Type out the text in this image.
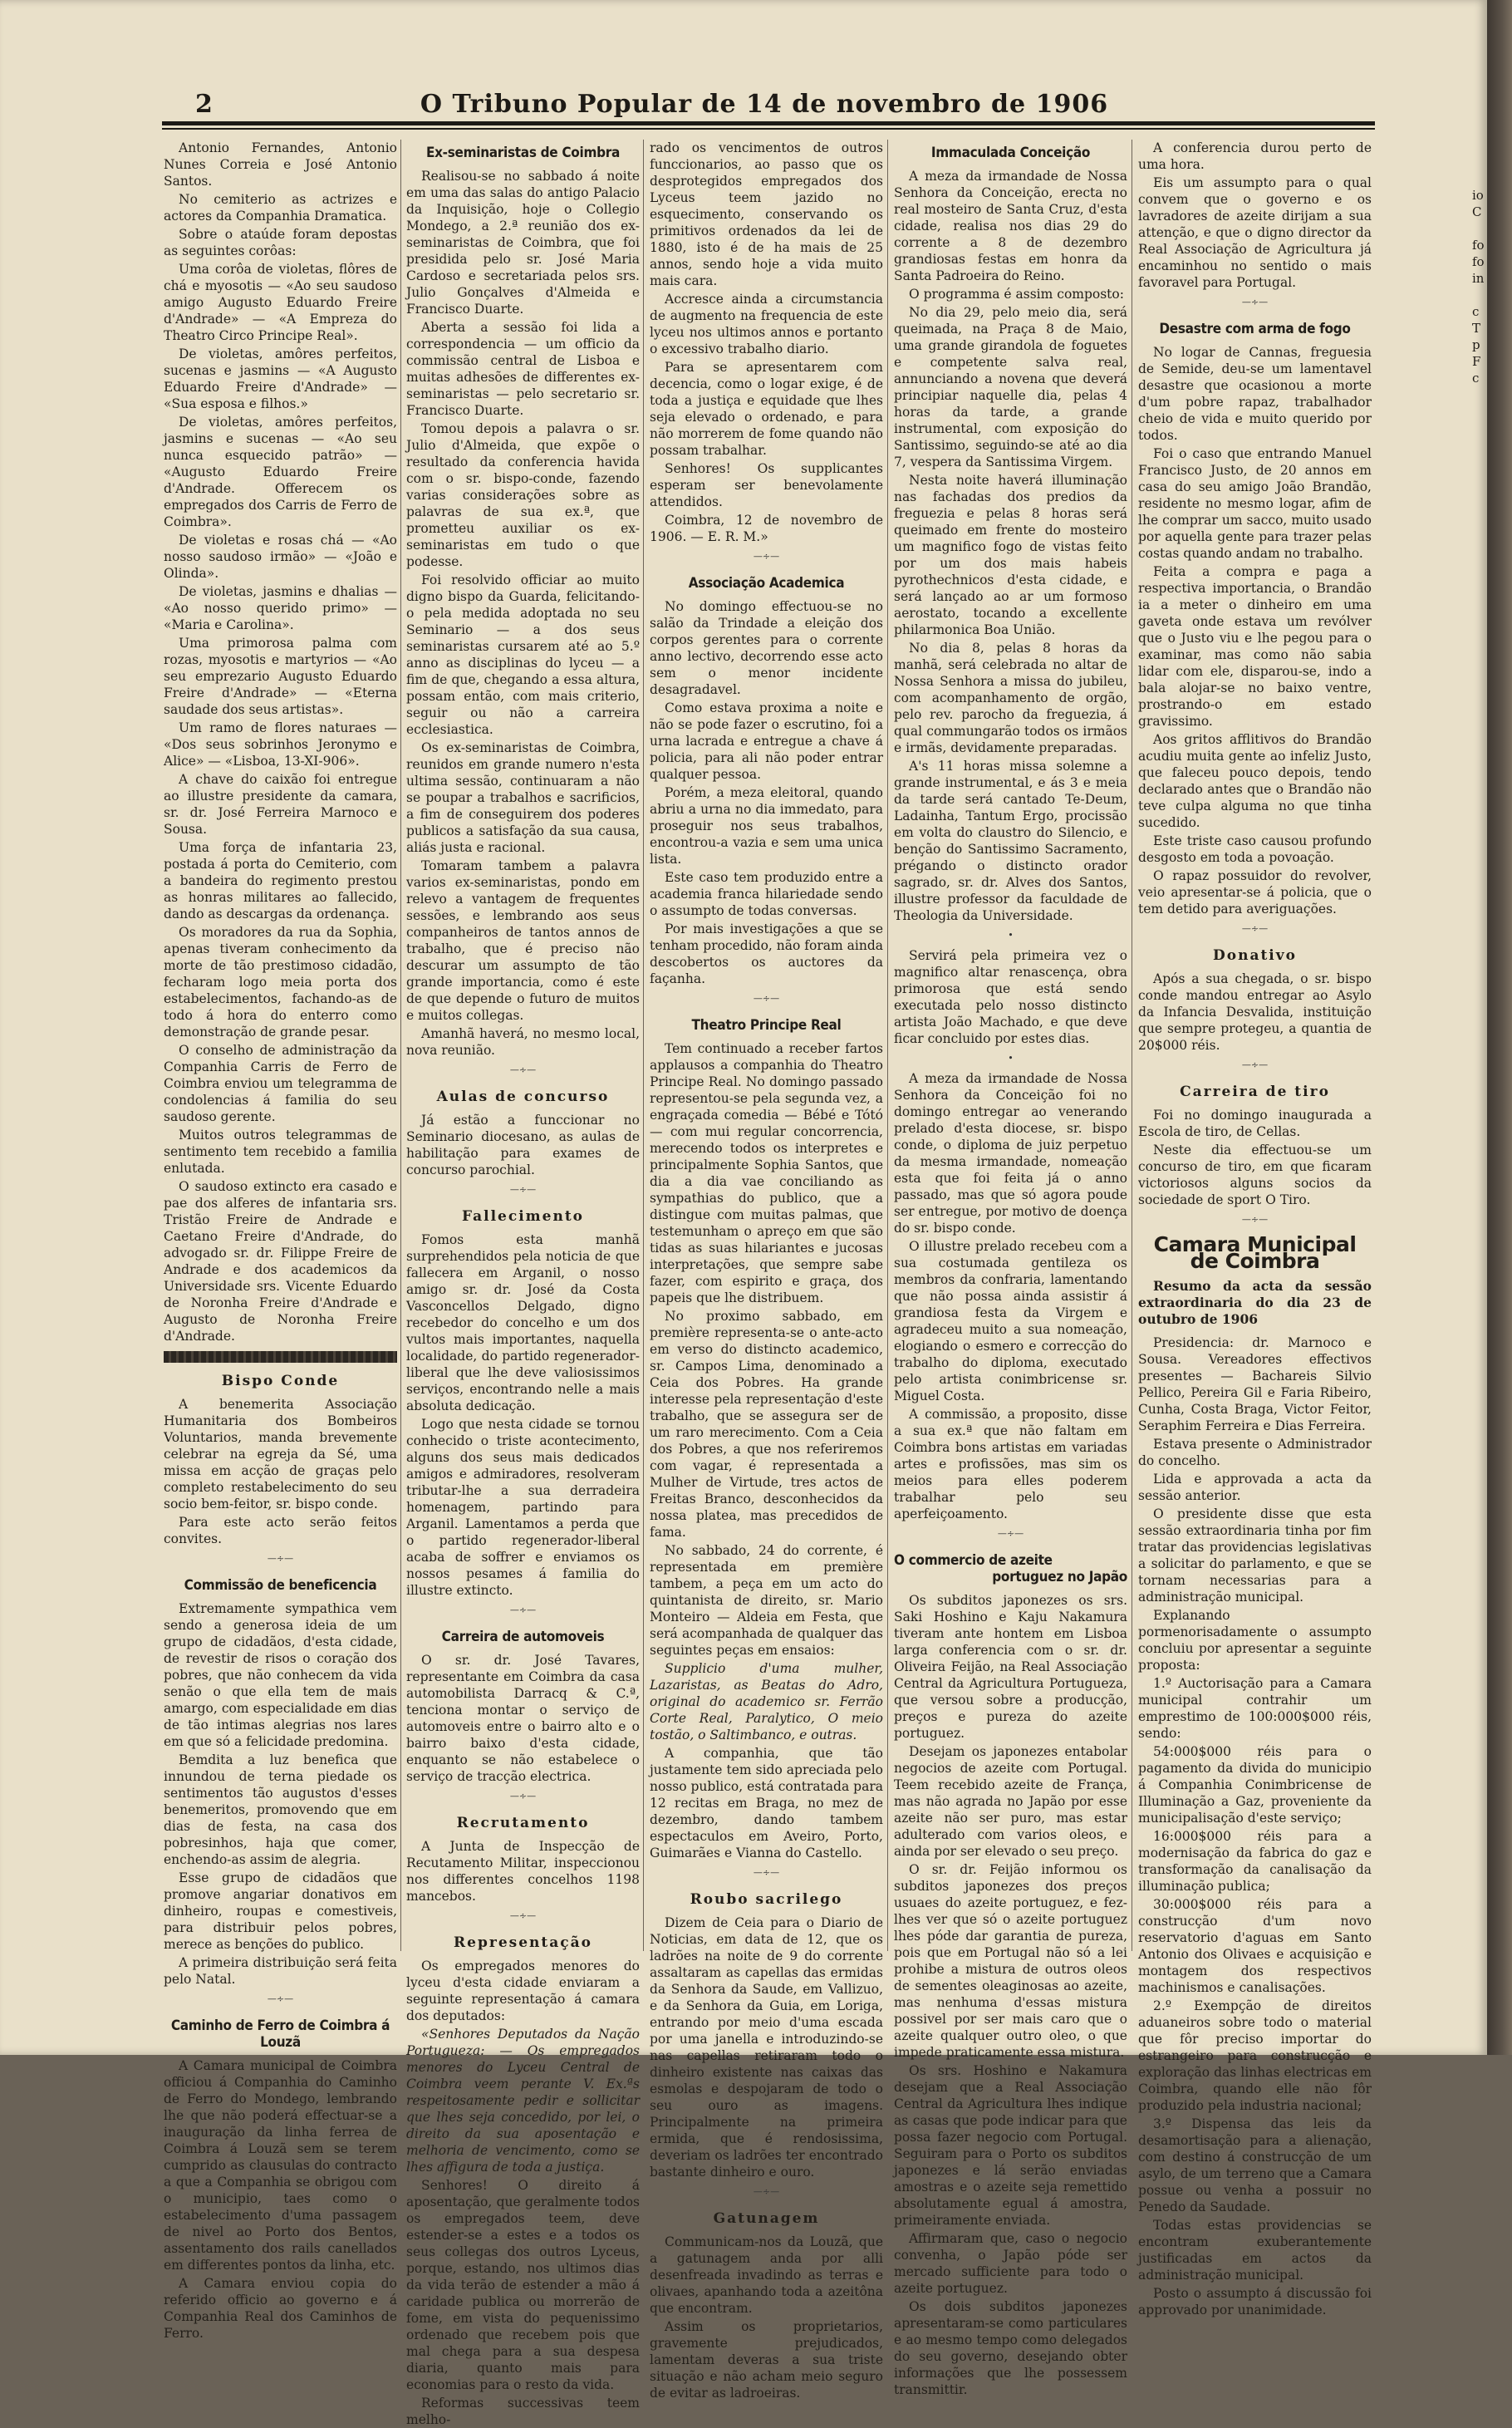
2	O Tribuno Popular de 14 de novembro de 1906

Antonio Fernandes, Antonio Nunes Correia e José Antonio Santos.

No cemiterio as actrizes e actores da Companhia Dramatica.

Sobre o ataúde foram depostas as seguintes corôas:

Uma corôa de violetas, flôres de chá e myosotis — «Ao seu saudoso amigo Augusto Eduardo Freire d'Andrade» — «A Empreza do Theatro Circo Principe Real».

De violetas, amôres perfeitos, sucenas e jasmins — «A Augusto Eduardo Freire d'Andrade» — «Sua esposa e filhos.»

De violetas, amôres perfeitos, jasmins e sucenas — «Ao seu nunca esquecido patrão» — «Augusto Eduardo Freire d'Andrade. Offerecem os empregados dos Carris de Ferro de Coimbra».

De violetas e rosas chá — «Ao nosso saudoso irmão» — «João e Olinda».

De violetas, jasmins e dhalias — «Ao nosso querido primo» — «Maria e Carolina».

Uma primorosa palma com rozas, myosotis e martyrios — «Ao seu emprezario Augusto Eduardo Freire d'Andrade» — «Eterna saudade dos seus artistas».

Um ramo de flores naturaes — «Dos seus sobrinhos Jeronymo e Alice» — «Lisboa, 13-XI-906».

A chave do caixão foi entregue ao illustre presidente da camara, sr. dr. José Ferreira Marnoco e Sousa.

Uma força de infantaria 23, postada á porta do Cemiterio, com a bandeira do regimento prestou as honras militares ao fallecido, dando as descargas da ordenança.

Os moradores da rua da Sophia, apenas tiveram conhecimento da morte de tão prestimoso cidadão, fecharam logo meia porta dos estabelecimentos, fachando-as de todo á hora do enterro como demonstração de grande pesar.

O conselho de administração da Companhia Carris de Ferro de Coimbra enviou um telegramma de condolencias á familia do seu saudoso gerente.

Muitos outros telegrammas de sentimento tem recebido a familia enlutada.

O saudoso extincto era casado e pae dos alferes de infantaria srs. Tristão Freire de Andrade e Caetano Freire d'Andrade, do advogado sr. dr. Filippe Freire de Andrade e dos academicos da Universidade srs. Vicente Eduardo de Noronha Freire d'Andrade e Augusto de Noronha Freire d'Andrade.

Bispo Conde

A benemerita Associação Humanitaria dos Bombeiros Voluntarios, manda brevemente celebrar na egreja da Sé, uma missa em acção de graças pelo completo restabelecimento do seu socio bem-feitor, sr. bispo conde.

Para este acto serão feitos convites.

—∻—
Commissão de beneficencia

Extremamente sympathica vem sendo a generosa ideia de um grupo de cidadãos, d'esta cidade, de revestir de risos o coração dos pobres, que não conhecem da vida senão o que ella tem de mais amargo, com especialidade em dias de tão intimas alegrias nos lares em que só a felicidade predomina.

Bemdita a luz benefica que innundou de terna piedade os sentimentos tão augustos d'esses benemeritos, promovendo que em dias de festa, na casa dos pobresinhos, haja que comer, enchendo-as assim de alegria.

Esse grupo de cidadãos que promove angariar donativos em dinheiro, roupas e comestiveis, para distribuir pelos pobres, merece as benções do publico.

A primeira distribuição será feita pelo Natal.

—∻—
Caminho de Ferro de Coimbra á Louzã

A Camara municipal de Coimbra officiou á Companhia do Caminho de Ferro do Mondego, lembrando lhe que não poderá effectuar-se a inauguração da linha ferrea de Coimbra á Louzã sem se terem cumprido as clausulas do contracto a que a Companhia se obrigou com o municipio, taes como o estabelecimento d'uma passagem de nivel ao Porto dos Bentos, assentamento dos rails canellados em differentes pontos da linha, etc.

A Camara enviou copia do referido officio ao governo e á Companhia Real dos Caminhos de Ferro.

Ex-seminaristas de Coimbra

Realisou-se no sabbado á noite em uma das salas do antigo Palacio da Inquisição, hoje o Collegio Mondego, a 2.ª reunião dos ex-seminaristas de Coimbra, que foi presidida pelo sr. José Maria Cardoso e secretariada pelos srs. Julio Gonçalves d'Almeida e Francisco Duarte.

Aberta a sessão foi lida a correspondencia — um officio da commissão central de Lisboa e muitas adhesões de differentes ex-seminaristas — pelo secretario sr. Francisco Duarte.

Tomou depois a palavra o sr. Julio d'Almeida, que expõe o resultado da conferencia havida com o sr. bispo-conde, fazendo varias considerações sobre as palavras de sua ex.ª, que prometteu auxiliar os ex-seminaristas em tudo o que podesse.

Foi resolvido officiar ao muito digno bispo da Guarda, felicitando-o pela medida adoptada no seu Seminario — a dos seus seminaristas cursarem até ao 5.º anno as disciplinas do lyceu — a fim de que, chegando a essa altura, possam então, com mais criterio, seguir ou não a carreira ecclesiastica.

Os ex-seminaristas de Coimbra, reunidos em grande numero n'esta ultima sessão, continuaram a não se poupar a trabalhos e sacrificios, a fim de conseguirem dos poderes publicos a satisfação da sua causa, aliás justa e racional.

Tomaram tambem a palavra varios ex-seminaristas, pondo em relevo a vantagem de frequentes sessões, e lembrando aos seus companheiros de tantos annos de trabalho, que é preciso não descurar um assumpto de tão grande importancia, como é este de que depende o futuro de muitos e muitos collegas.

Amanhã haverá, no mesmo local, nova reunião.

—∻—
Aulas de concurso

Já estão a funccionar no Seminario diocesano, as aulas de habilitação para exames de concurso parochial.

—∻—
Fallecimento

Fomos esta manhã surprehendidos pela noticia de que fallecera em Arganil, o nosso amigo sr. dr. José da Costa Vasconcellos Delgado, digno recebedor do concelho e um dos vultos mais importantes, naquella localidade, do partido regenerador-liberal que lhe deve valiosissimos serviços, encontrando nelle a mais absoluta dedicação.

Logo que nesta cidade se tornou conhecido o triste acontecimento, alguns dos seus mais dedicados amigos e admiradores, resolveram tributar-lhe a sua derradeira homenagem, partindo para Arganil. Lamentamos a perda que o partido regenerador-liberal acaba de soffrer e enviamos os nossos pesames á familia do illustre extincto.

—∻—
Carreira de automoveis

O sr. dr. José Tavares, representante em Coimbra da casa automobilista Darracq & C.ª, tenciona montar o serviço de automoveis entre o bairro alto e o bairro baixo d'esta cidade, enquanto se não estabelece o serviço de tracção electrica.

—∻—
Recrutamento

A Junta de Inspecção de Recutamento Militar, inspeccionou nos differentes concelhos 1198 mancebos.

—∻—
Representação

Os empregados menores do lyceu d'esta cidade enviaram a seguinte representação á camara dos deputados:

«Senhores Deputados da Nação Portugueza: — Os empregados menores do Lyceu Central de Coimbra veem perante V. Ex.ªs respeitosamente pedir e sollicitar que lhes seja concedido, por lei, o direito da sua aposentação e melhoria de vencimento, como se lhes affigura de toda a justiça.

Senhores! O direito á aposentação, que geralmente todos os empregados teem, deve estender-se a estes e a todos os seus collegas dos outros Lyceus, porque, estando, nos ultimos dias da vida terão de estender a mão á caridade publica ou morrerão de fome, em vista do pequenissimo ordenado que recebem pois que mal chega para a sua despesa diaria, quanto mais para economias para o resto da vida.

Reformas successivas teem melho-

rado os vencimentos de outros funccionarios, ao passo que os desprotegidos empregados dos Lyceus teem jazido no esquecimento, conservando os primitivos ordenados da lei de 1880, isto é de ha mais de 25 annos, sendo hoje a vida muito mais cara.

Accresce ainda a circumstancia de augmento na frequencia de este lyceu nos ultimos annos e portanto o excessivo trabalho diario.

Para se apresentarem com decencia, como o logar exige, é de toda a justiça e equidade que lhes seja elevado o ordenado, e para não morrerem de fome quando não possam trabalhar.

Senhores! Os supplicantes esperam ser benevolamente attendidos.

Coimbra, 12 de novembro de 1906. — E. R. M.»

—∻—
Associação Academica

No domingo effectuou-se no salão da Trindade a eleição dos corpos gerentes para o corrente anno lectivo, decorrendo esse acto sem o menor incidente desagradavel.

Como estava proxima a noite e não se pode fazer o escrutino, foi a urna lacrada e entregue a chave á policia, para ali não poder entrar qualquer pessoa.

Porém, a meza eleitoral, quando abriu a urna no dia immedato, para proseguir nos seus trabalhos, encontrou-a vazia e sem uma unica lista.

Este caso tem produzido entre a academia franca hilariedade sendo o assumpto de todas conversas.

Por mais investigações a que se tenham procedido, não foram ainda descobertos os auctores da façanha.

—∻—
Theatro Principe Real

Tem continuado a receber fartos applausos a companhia do Theatro Principe Real. No domingo passado representou-se pela segunda vez, a engraçada comedia — Bébé e Tótó — com mui regular concorrencia, merecendo todos os interpretes e principalmente Sophia Santos, que dia a dia vae conciliando as sympathias do publico, que a distingue com muitas palmas, que testemunham o apreço em que são tidas as suas hilariantes e jucosas interpretações, que sempre sabe fazer, com espirito e graça, dos papeis que lhe distribuem.

No proximo sabbado, em première representa-se o ante-acto em verso do distincto academico, sr. Campos Lima, denominado a Ceia dos Pobres. Ha grande interesse pela representação d'este trabalho, que se assegura ser de um raro merecimento. Com a Ceia dos Pobres, a que nos referiremos com vagar, é representada a Mulher de Virtude, tres actos de Freitas Branco, desconhecidos da nossa platea, mas precedidos de fama.

No sabbado, 24 do corrente, é representada em première tambem, a peça em um acto do quintanista de direito, sr. Mario Monteiro — Aldeia em Festa, que será acompanhada de qualquer das seguintes peças em ensaios:

Supplicio d'uma mulher, Lazaristas, as Beatas do Adro, original do academico sr. Ferrão Corte Real, Paralytico, O meio tostão, o Saltimbanco, e outras.

A companhia, que tão justamente tem sido apreciada pelo nosso publico, está contratada para 12 recitas em Braga, no mez de dezembro, dando tambem espectaculos em Aveiro, Porto, Guimarães e Vianna do Castello.

—∻—
Roubo sacrilego

Dizem de Ceia para o Diario de Noticias, em data de 12, que os ladrões na noite de 9 do corrente assaltaram as capellas das ermidas da Senhora da Saude, em Vallizuo, e da Senhora da Guia, em Loriga, entrando por meio d'uma escada por uma janella e introduzindo-se nas capellas retiraram todo o dinheiro existente nas caixas das esmolas e despojaram de todo o seu ouro as imagens. Principalmente na primeira ermida, que é rendosissima, deveriam os ladrões ter encontrado bastante dinheiro e ouro.

—∻—
Gatunagem

Communicam-nos da Louzã, que a gatunagem anda por alli desenfreada invadindo as terras e olivaes, apanhando toda a azeitôna que encontram.

Assim os proprietarios, gravemente prejudicados, lamentam deveras a sua triste situação e não acham meio seguro de evitar as ladroeiras.

Immaculada Conceição

A meza da irmandade de Nossa Senhora da Conceição, erecta no real mosteiro de Santa Cruz, d'esta cidade, realisa nos dias 29 do corrente a 8 de dezembro grandiosas festas em honra da Santa Padroeira do Reino.

O programma é assim composto:

No dia 29, pelo meio dia, será queimada, na Praça 8 de Maio, uma grande girandola de foguetes e competente salva real, annunciando a novena que deverá principiar naquelle dia, pelas 4 horas da tarde, a grande instrumental, com exposição do Santissimo, seguindo-se até ao dia 7, vespera da Santissima Virgem.

Nesta noite haverá illuminação nas fachadas dos predios da freguezia e pelas 8 horas será queimado em frente do mosteiro um magnifico fogo de vistas feito por um dos mais habeis pyrothechnicos d'esta cidade, e será lançado ao ar um formoso aerostato, tocando a excellente philarmonica Boa União.

No dia 8, pelas 8 horas da manhã, será celebrada no altar de Nossa Senhora a missa do jubileu, com acompanhamento de orgão, pelo rev. parocho da freguezia, á qual commungarão todos os irmãos e irmãs, devidamente preparadas.

A's 11 horas missa solemne a grande instrumental, e ás 3 e meia da tarde será cantado Te-Deum, Ladainha, Tantum Ergo, procissão em volta do claustro do Silencio, e benção do Santissimo Sacramento, prégando o distincto orador sagrado, sr. dr. Alves dos Santos, illustre professor da faculdade de Theologia da Universidade.

•

Servirá pela primeira vez o magnifico altar renascença, obra primorosa que está sendo executada pelo nosso distincto artista João Machado, e que deve ficar concluido por estes dias.

•

A meza da irmandade de Nossa Senhora da Conceição foi no domingo entregar ao venerando prelado d'esta diocese, sr. bispo conde, o diploma de juiz perpetuo da mesma irmandade, nomeação esta que foi feita já o anno passado, mas que só agora poude ser entregue, por motivo de doença do sr. bispo conde.

O illustre prelado recebeu com a sua costumada gentileza os membros da confraria, lamentando que não possa ainda assistir á grandiosa festa da Virgem e agradeceu muito a sua nomeação, elogiando o esmero e correcção do trabalho do diploma, executado pelo artista conimbricense sr. Miguel Costa.

A commissão, a proposito, disse a sua ex.ª que não faltam em Coimbra bons artistas em variadas artes e profissões, mas sim os meios para elles poderem trabalhar pelo seu aperfeiçoamento.

—∻—
O commercio de azeite
portuguez no Japão

Os subditos japonezes os srs. Saki Hoshino e Kaju Nakamura tiveram ante hontem em Lisboa larga conferencia com o sr. dr. Oliveira Feijão, na Real Associação Central da Agricultura Portugueza, que versou sobre a producção, preços e pureza do azeite portuguez.

Desejam os japonezes entabolar negocios de azeite com Portugal. Teem recebido azeite de França, mas não agrada no Japão por esse azeite não ser puro, mas estar adulterado com varios oleos, e ainda por ser elevado o seu preço.

O sr. dr. Feijão informou os subditos japonezes dos preços usuaes do azeite portuguez, e fez-lhes ver que só o azeite portuguez lhes póde dar garantia de pureza, pois que em Portugal não só a lei prohibe a mistura de outros oleos de sementes oleaginosas ao azeite, mas nenhuma d'essas mistura possivel por ser mais caro que o azeite qualquer outro oleo, o que impede praticamente essa mistura.

Os srs. Hoshino e Nakamura desejam que a Real Associação Central da Agricultura lhes indique as casas que pode indicar para que possa fazer negocio com Portugal. Seguiram para o Porto os subditos japonezes e lá serão enviadas amostras e o azeite seja remettido absolutamente egual á amostra, primeiramente enviada.

Affirmaram que, caso o negocio convenha, o Japão póde ser mercado sufficiente para todo o azeite portuguez.

Os dois subditos japonezes apresentaram-se como particulares e ao mesmo tempo como delegados do seu governo, desejando obter informações que lhe possessem transmittir.

A conferencia durou perto de uma hora.

Eis um assumpto para o qual convem que o governo e os lavradores de azeite dirijam a sua attenção, e que o digno director da Real Associação de Agricultura já encaminhou no sentido o mais favoravel para Portugal.

—∻—
Desastre com arma de fogo

No logar de Cannas, freguesia de Semide, deu-se um lamentavel desastre que ocasionou a morte d'um pobre rapaz, trabalhador cheio de vida e muito querido por todos.

Foi o caso que entrando Manuel Francisco Justo, de 20 annos em casa do seu amigo João Brandão, residente no mesmo logar, afim de lhe comprar um sacco, muito usado por aquella gente para trazer pelas costas quando andam no trabalho.

Feita a compra e paga a respectiva importancia, o Brandão ia a meter o dinheiro em uma gaveta onde estava um revólver que o Justo viu e lhe pegou para o examinar, mas como não sabia lidar com ele, disparou-se, indo a bala alojar-se no baixo ventre, prostrando-o em estado gravissimo.

Aos gritos afflitivos do Brandão acudiu muita gente ao infeliz Justo, que faleceu pouco depois, tendo declarado antes que o Brandão não teve culpa alguma no que tinha sucedido.

Este triste caso causou profundo desgosto em toda a povoação.

O rapaz possuidor do revolver, veio apresentar-se á policia, que o tem detido para averiguações.

—∻—
Donativo

Após a sua chegada, o sr. bispo conde mandou entregar ao Asylo da Infancia Desvalida, instituição que sempre protegeu, a quantia de 20$000 réis.

—∻—
Carreira de tiro

Foi no domingo inaugurada a Escola de tiro, de Cellas.

Neste dia effectuou-se um concurso de tiro, em que ficaram victoriosos alguns socios da sociedade de sport O Tiro.

—∻—
Camara Municipal de Coimbra
Resumo da acta da sessão extraordinaria do dia 23 de outubro de 1906

Presidencia: dr. Marnoco e Sousa. Vereadores effectivos presentes — Bachareis Silvio Pellico, Pereira Gil e Faria Ribeiro, Cunha, Costa Braga, Victor Feitor, Seraphim Ferreira e Dias Ferreira.

Estava presente o Administrador do concelho.

Lida e approvada a acta da sessão anterior.

O presidente disse que esta sessão extraordinaria tinha por fim tratar das providencias legislativas a solicitar do parlamento, e que se tornam necessarias para a administração municipal.

Explanando pormenorisadamente o assumpto concluiu por apresentar a seguinte proposta:

1.º Auctorisação para a Camara municipal contrahir um emprestimo de 100:000$000 réis, sendo:

54:000$000 réis para o pagamento da divida do municipio á Companhia Conimbricense de Illuminação a Gaz, proveniente da municipalisação d'este serviço;

16:000$000 réis para a modernisação da fabrica do gaz e transformação da canalisação da illuminação publica;

30:000$000 réis para a construcção d'um novo reservatorio d'aguas em Santo Antonio dos Olivaes e acquisição e montagem dos respectivos machinismos e canalisações.

2.º Exempção de direitos aduaneiros sobre todo o material que fôr preciso importar do estrangeiro para construcção e exploração das linhas electricas em Coimbra, quando elle não fôr produzido pela industria nacional;

3.º Dispensa das leis da desamortisação para a alienação, com destino á construcção de um asylo, de um terreno que a Camara possue ou venha a possuir no Penedo da Saudade.

Todas estas providencias se encontram exuberantemente justificadas em actos da administração municipal.

Posto o assumpto á discussão foi approvado por unanimidade.

io
C

fo
fo
in

c
T
p
F
c
